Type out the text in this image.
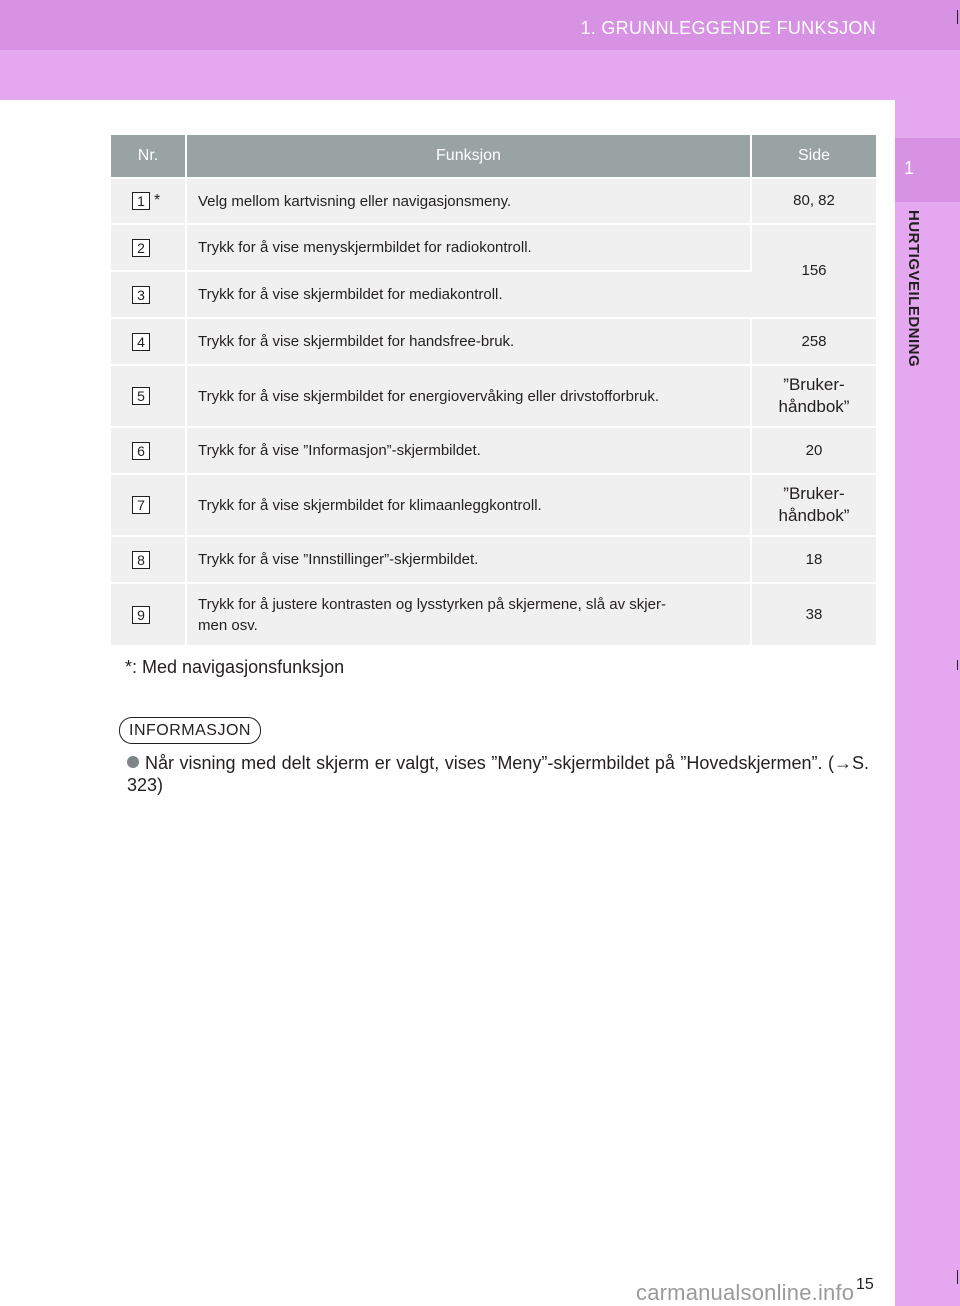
1. GRUNNLEGGENDE FUNKSJON
1
HURTIGVEILEDNING
Nr.	Funksjon	Side
1 *	Velg mellom kartvisning eller navigasjonsmeny.	80, 82
2	Trykk for å vise menyskjermbildet for radiokontroll.	156
3	Trykk for å vise skjermbildet for mediakontroll.	
4	Trykk for å vise skjermbildet for handsfree-bruk.	258
5	Trykk for å vise skjermbildet for energiovervåking eller drivstofforbruk.	”Bruker-
håndbok”
6	Trykk for å vise ”Informasjon”-skjermbildet.	20
7	Trykk for å vise skjermbildet for klimaanleggkontroll.	”Bruker-
håndbok”
8	Trykk for å vise ”Innstillinger”-skjermbildet.	18
9	Trykk for å justere kontrasten og lysstyrken på skjermene, slå av skjer-
men osv.	38
*: Med navigasjonsfunksjon
INFORMASJON
Når visning med delt skjerm er valgt, vises ”Meny”-skjermbildet på ”Hovedskjermen”. (→S. 323)
15
carmanualsonline.info
